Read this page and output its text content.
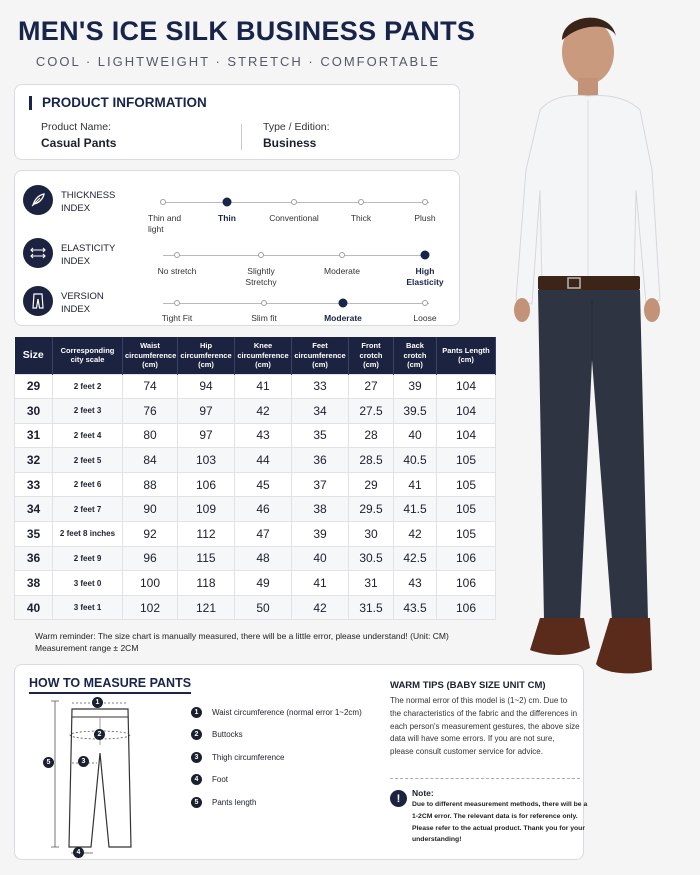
MEN'S ICE SILK BUSINESS PANTS
COOL · LIGHTWEIGHT · STRETCH · COMFORTABLE
PRODUCT INFORMATION
Product Name:
Casual Pants
Type / Edition:
Business
THICKNESS
INDEX
Thin and light
Thin	Conventional	Thick	Plush
ELASTICITY
INDEX
No stretch	Slightly Stretchy
Moderate	High Elasticity
VERSION
INDEX
Tight Fit	Slim fit	Moderate	Loose
Size	Corresponding city scale	Waist circumference (cm)	Hip circumference (cm)	Knee circumference (cm)	Feet circumference (cm)	Front crotch (cm)	Back crotch (cm)	Pants Length (cm)
29	2 feet 2	74	94	41	33	27	39	104
30	2 feet 3	76	97	42	34	27.5	39.5	104
31	2 feet 4	80	97	43	35	28	40	104
32	2 feet 5	84	103	44	36	28.5	40.5	105
33	2 feet 6	88	106	45	37	29	41	105
34	2 feet 7	90	109	46	38	29.5	41.5	105
35	2 feet 8 inches	92	112	47	39	30	42	105
36	2 feet 9	96	115	48	40	30.5	42.5	106
38	3 feet 0	100	118	49	41	31	43	106
40	3 feet 1	102	121	50	42	31.5	43.5	106
Warm reminder: The size chart is manually measured, there will be a little error, please understand! (Unit: CM)
Measurement range ± 2CM
HOW TO MEASURE PANTS
1
2
3
4
5
1	Waist circumference (normal error 1~2cm)
2	Buttocks
3	Thigh circumference
4	Foot
5	Pants length
WARM TIPS (BABY SIZE UNIT CM)
The normal error of this model is (1~2) cm. Due to the characteristics of the fabric and the differences in each person's measurement gestures, the above size data will have some errors. If you are not sure, please consult customer service for advice.
!	Note:
Due to different measurement methods, there will be a 1-2CM error. The relevant data is for reference only. Please refer to the actual product. Thank you for your understanding!
